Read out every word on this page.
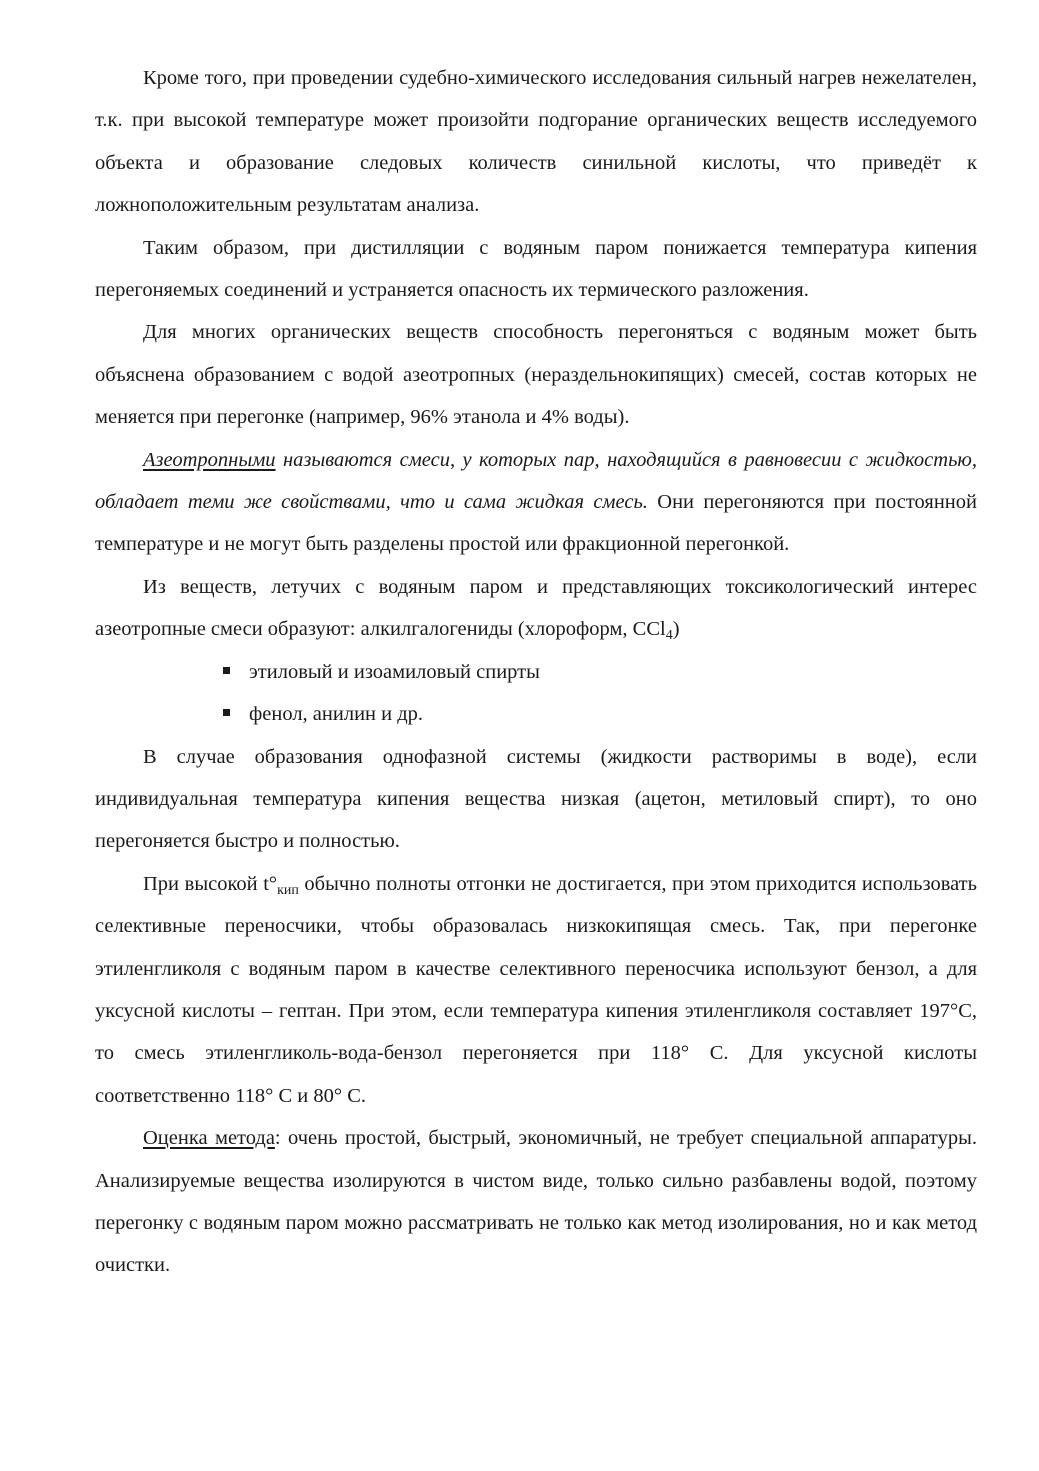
Кроме того, при проведении судебно-химического исследования сильный нагрев нежелателен, т.к. при высокой температуре может произойти подгорание органических веществ исследуемого объекта и образование следовых количеств синильной кислоты, что приведёт к ложноположительным результатам анализа.

Таким образом, при дистилляции с водяным паром понижается температура кипения перегоняемых соединений и устраняется опасность их термического разложения.

Для многих органических веществ способность перегоняться с водяным может быть объяснена образованием с водой азеотропных (нераздельнокипящих) смесей, состав которых не меняется при перегонке (например, 96% этанола и 4% воды).

Азеотропными называются смеси, у которых пар, находящийся в равновесии с жидкостью, обладает теми же свойствами, что и сама жидкая смесь. Они перегоняются при постоянной температуре и не могут быть разделены простой или фракционной перегонкой.

Из веществ, летучих с водяным паром и представляющих токсикологический интерес азеотропные смеси образуют: алкилгалогениды (хлороформ, CCl$_4$)

этиловый и изоамиловый спирты
фенол, анилин и др.

В случае образования однофазной системы (жидкости растворимы в воде), если индивидуальная температура кипения вещества низкая (ацетон, метиловый спирт), то оно перегоняется быстро и полностью.

При высокой $t^\circ_{кип}$ обычно полноты отгонки не достигается, при этом приходится использовать селективные переносчики, чтобы образовалась низкокипящая смесь. Так, при перегонке этиленгликоля с водяным паром в качестве селективного переносчика используют бензол, а для уксусной кислоты – гептан. При этом, если температура кипения этиленгликоля составляет 197°С, то смесь этиленгликоль-вода-бензол перегоняется при 118° С. Для уксусной кислоты соответственно 118° С и 80° С.

Оценка метода: очень простой, быстрый, экономичный, не требует специальной аппаратуры. Анализируемые вещества изолируются в чистом виде, только сильно разбавлены водой, поэтому перегонку с водяным паром можно рассматривать не только как метод изолирования, но и как метод очистки.
